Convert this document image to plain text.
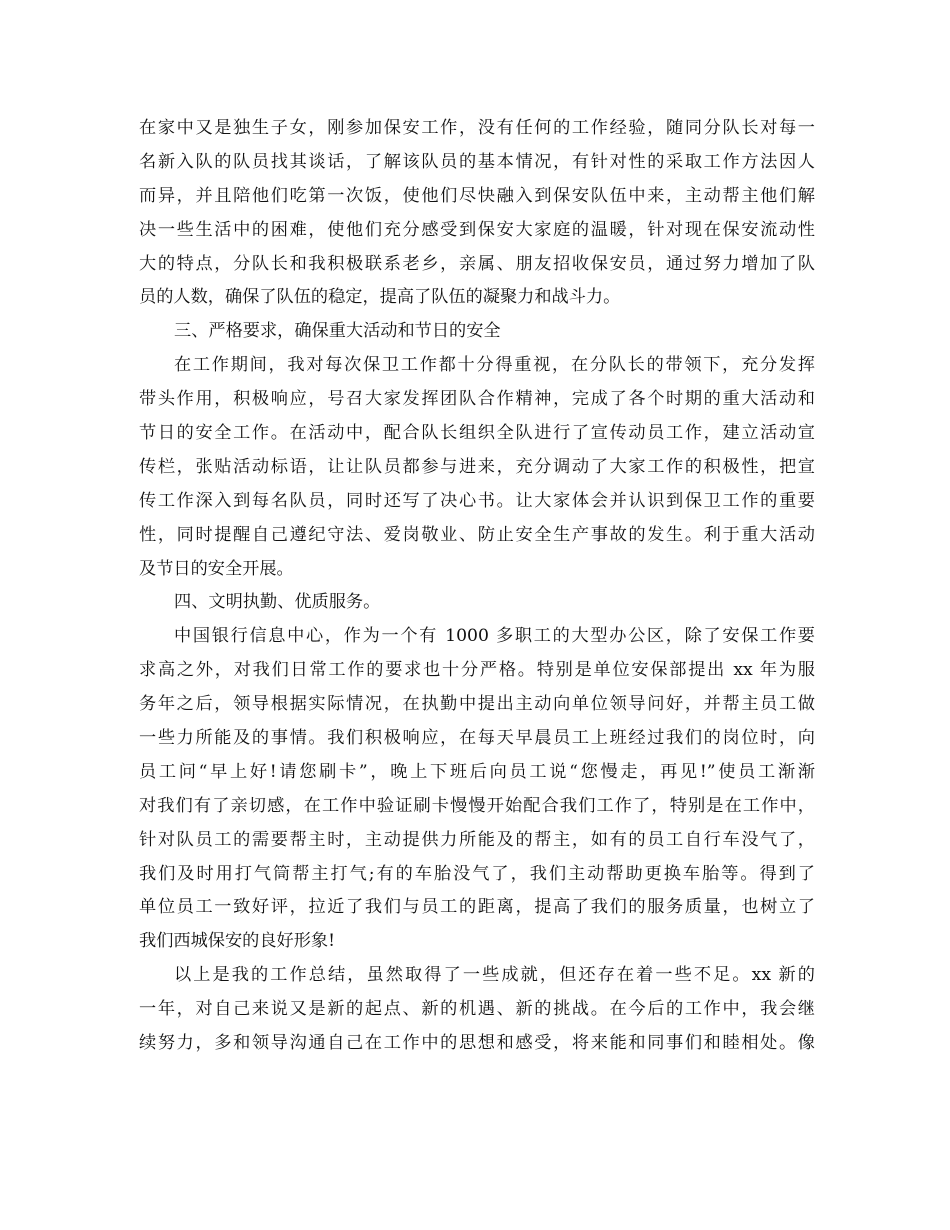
在家中又是独生子女，刚参加保安工作，没有任何的工作经验，随同分队长对每一
名新入队的队员找其谈话，了解该队员的基本情况，有针对性的采取工作方法因人
而异，并且陪他们吃第一次饭，使他们尽快融入到保安队伍中来，主动帮主他们解
决一些生活中的困难，使他们充分感受到保安大家庭的温暖，针对现在保安流动性
大的特点，分队长和我积极联系老乡，亲属、朋友招收保安员，通过努力增加了队
员的人数，确保了队伍的稳定，提高了队伍的凝聚力和战斗力。
三、严格要求，确保重大活动和节日的安全
在工作期间，我对每次保卫工作都十分得重视，在分队长的带领下，充分发挥
带头作用，积极响应，号召大家发挥团队合作精神，完成了各个时期的重大活动和
节日的安全工作。在活动中，配合队长组织全队进行了宣传动员工作，建立活动宣
传栏，张贴活动标语，让让队员都参与进来，充分调动了大家工作的积极性，把宣
传工作深入到每名队员，同时还写了决心书。让大家体会并认识到保卫工作的重要
性，同时提醒自己遵纪守法、爱岗敬业、防止安全生产事故的发生。利于重大活动
及节日的安全开展。
四、文明执勤、优质服务。
中国银行信息中心，作为一个有 1000 多职工的大型办公区，除了安保工作要
求高之外，对我们日常工作的要求也十分严格。特别是单位安保部提出 xx 年为服
务年之后，领导根据实际情况，在执勤中提出主动向单位领导问好，并帮主员工做
一些力所能及的事情。我们积极响应，在每天早晨员工上班经过我们的岗位时，向
员工问“早上好!请您刷卡”，晚上下班后向员工说“您慢走，再见!”使员工渐渐
对我们有了亲切感，在工作中验证刷卡慢慢开始配合我们工作了，特别是在工作中，
针对队员工的需要帮主时，主动提供力所能及的帮主，如有的员工自行车没气了，
我们及时用打气筒帮主打气;有的车胎没气了，我们主动帮助更换车胎等。得到了
单位员工一致好评，拉近了我们与员工的距离，提高了我们的服务质量，也树立了
我们西城保安的良好形象!
以上是我的工作总结，虽然取得了一些成就，但还存在着一些不足。xx 新的
一年，对自己来说又是新的起点、新的机遇、新的挑战。在今后的工作中，我会继
续努力，多和领导沟通自己在工作中的思想和感受，将来能和同事们和睦相处。像
